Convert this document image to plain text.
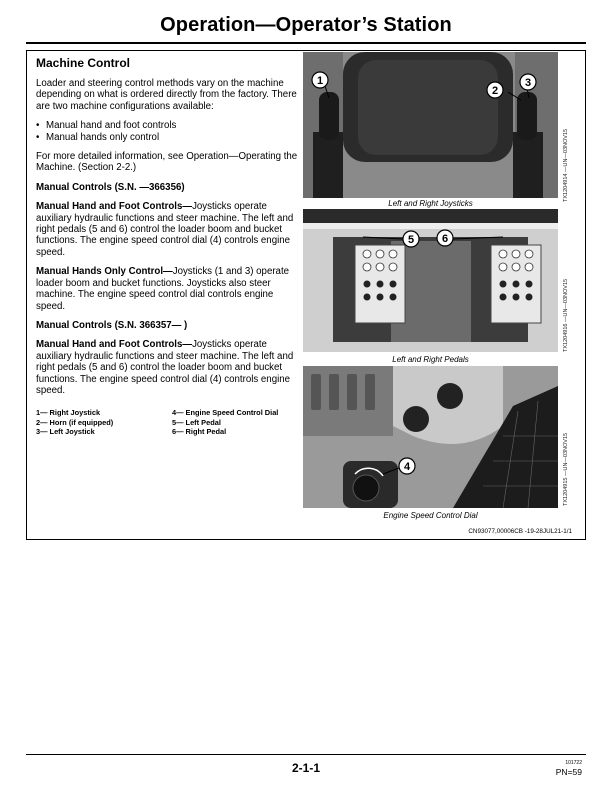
Operation—Operator’s Station
Machine Control

Loader and steering control methods vary on the machine depending on what is ordered directly from the factory. There are two machine configurations available:

• Manual hand and foot controls
• Manual hands only control

For more detailed information, see Operation—Operating the Machine. (Section 2-2.)

Manual Controls (S.N. —366356)

Manual Hand and Foot Controls—Joysticks operate auxiliary hydraulic functions and steer machine. The left and right pedals (5 and 6) control the loader boom and bucket functions. The engine speed control dial (4) controls engine speed.

Manual Hands Only Control—Joysticks (1 and 3) operate loader boom and bucket functions. Joysticks also steer machine. The engine speed control dial controls engine speed.

Manual Controls (S.N. 366357— )

Manual Hand and Foot Controls—Joysticks operate auxiliary hydraulic functions and steer machine. The left and right pedals (5 and 6) control the loader boom and bucket functions. The engine speed control dial (4) controls engine speed.

1— Right Joystick	4— Engine Speed Control Dial
2— Horn (if equipped)	5— Left Pedal
3— Left Joystick	6— Right Pedal
1
2
3
Left and Right Joysticks
TX1204914 —UN—03NOV15
5	6
Left and Right Pedals
TX1204916 —UN—03NOV15
4
Engine Speed Control Dial
TX1204915 —UN—03NOV15
CN93077,00006CB -19-28JUL21-1/1
2-1-1	101722
PN=59
